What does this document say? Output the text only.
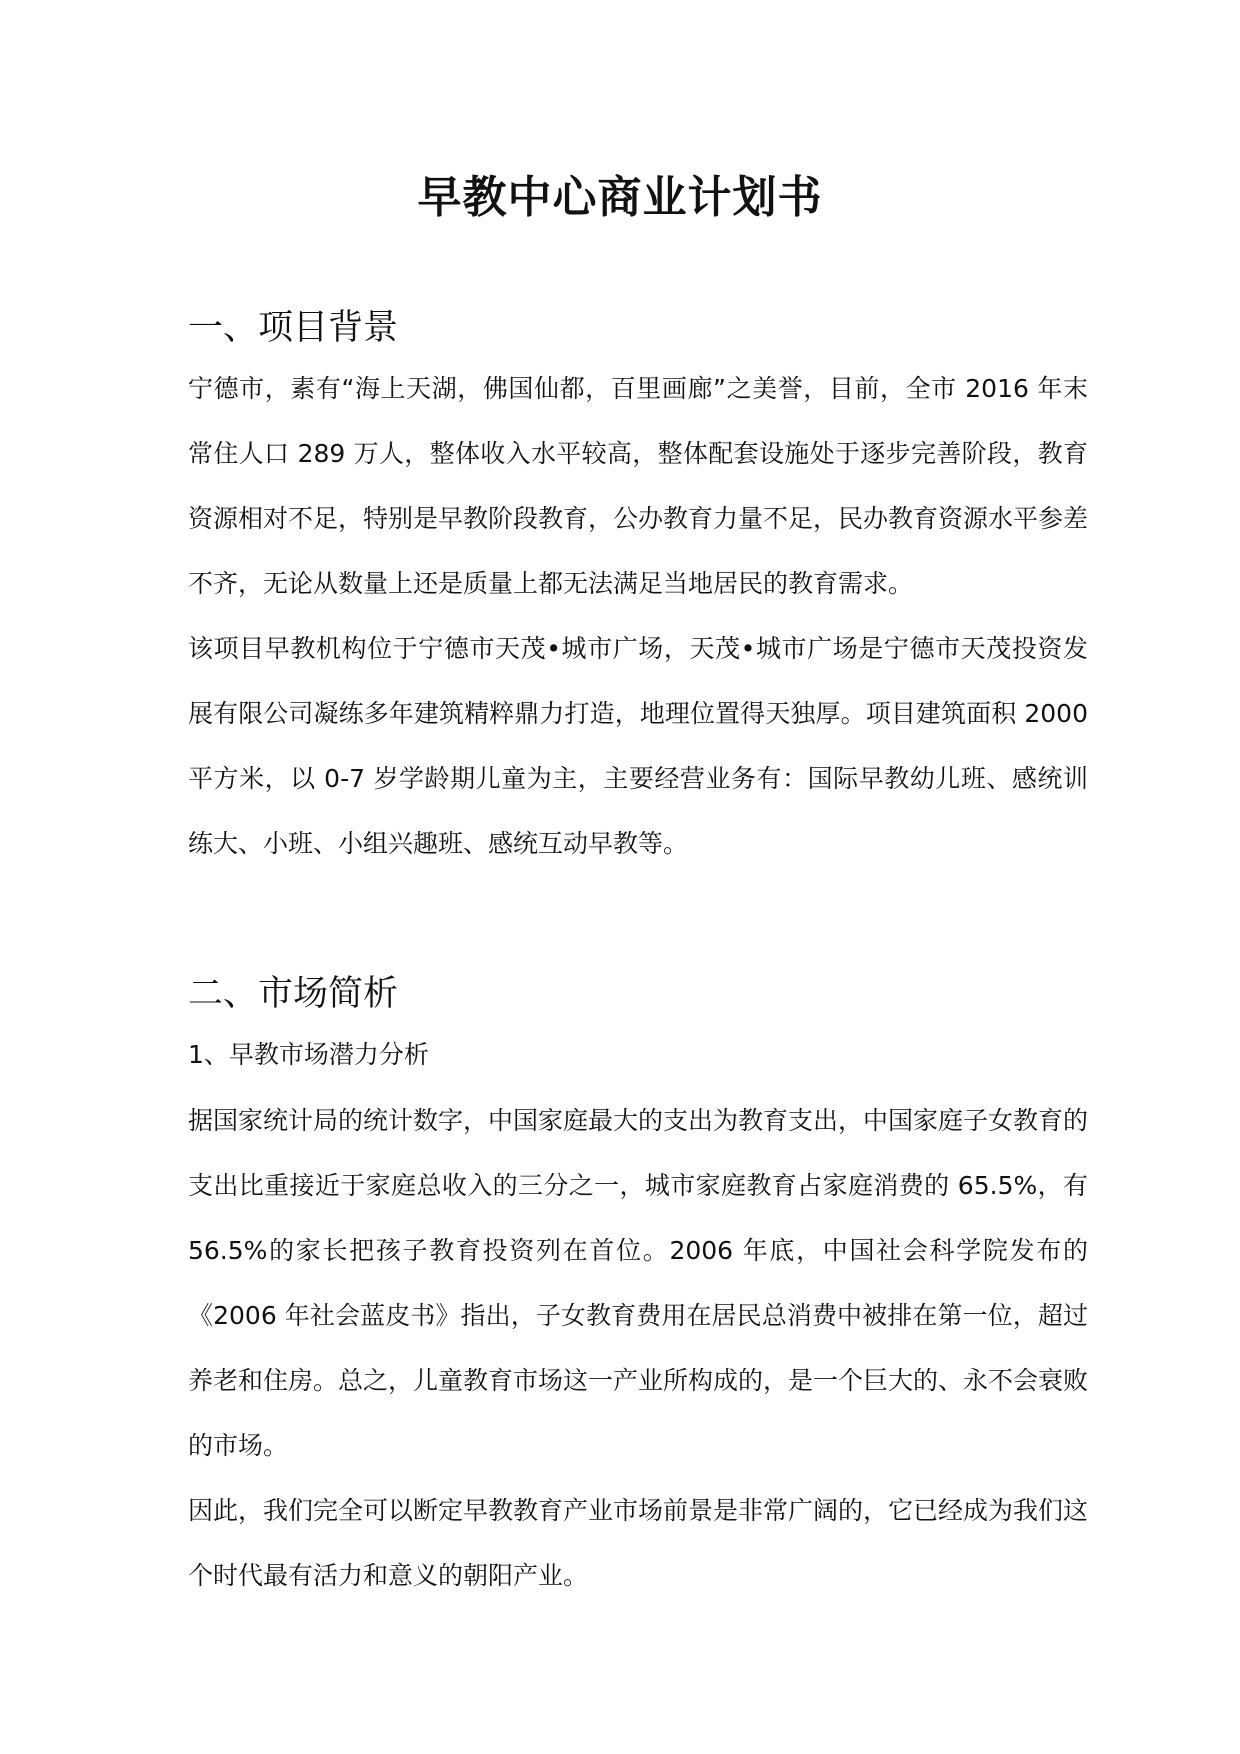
早教中心商业计划书
一、项目背景

宁德市，素有“海上天湖，佛国仙都，百里画廊”之美誉，目前，全市 2016 年末常住人口 289 万人，整体收入水平较高，整体配套设施处于逐步完善阶段，教育资源相对不足，特别是早教阶段教育，公办教育力量不足，民办教育资源水平参差不齐，无论从数量上还是质量上都无法满足当地居民的教育需求。

该项目早教机构位于宁德市天茂•城市广场，天茂•城市广场是宁德市天茂投资发展有限公司凝练多年建筑精粹鼎力打造，地理位置得天独厚。项目建筑面积 2000 平方米，以 0-7 岁学龄期儿童为主，主要经营业务有：国际早教幼儿班、感统训练大、小班、小组兴趣班、感统互动早教等。

二、市场简析

1、早教市场潜力分析

据国家统计局的统计数字，中国家庭最大的支出为教育支出，中国家庭子女教育的支出比重接近于家庭总收入的三分之一，城市家庭教育占家庭消费的 65.5%，有 56.5%的家长把孩子教育投资列在首位。2006 年底，中国社会科学院发布的《2006 年社会蓝皮书》指出，子女教育费用在居民总消费中被排在第一位，超过养老和住房。总之，儿童教育市场这一产业所构成的，是一个巨大的、永不会衰败的市场。

因此，我们完全可以断定早教教育产业市场前景是非常广阔的，它已经成为我们这个时代最有活力和意义的朝阳产业。
